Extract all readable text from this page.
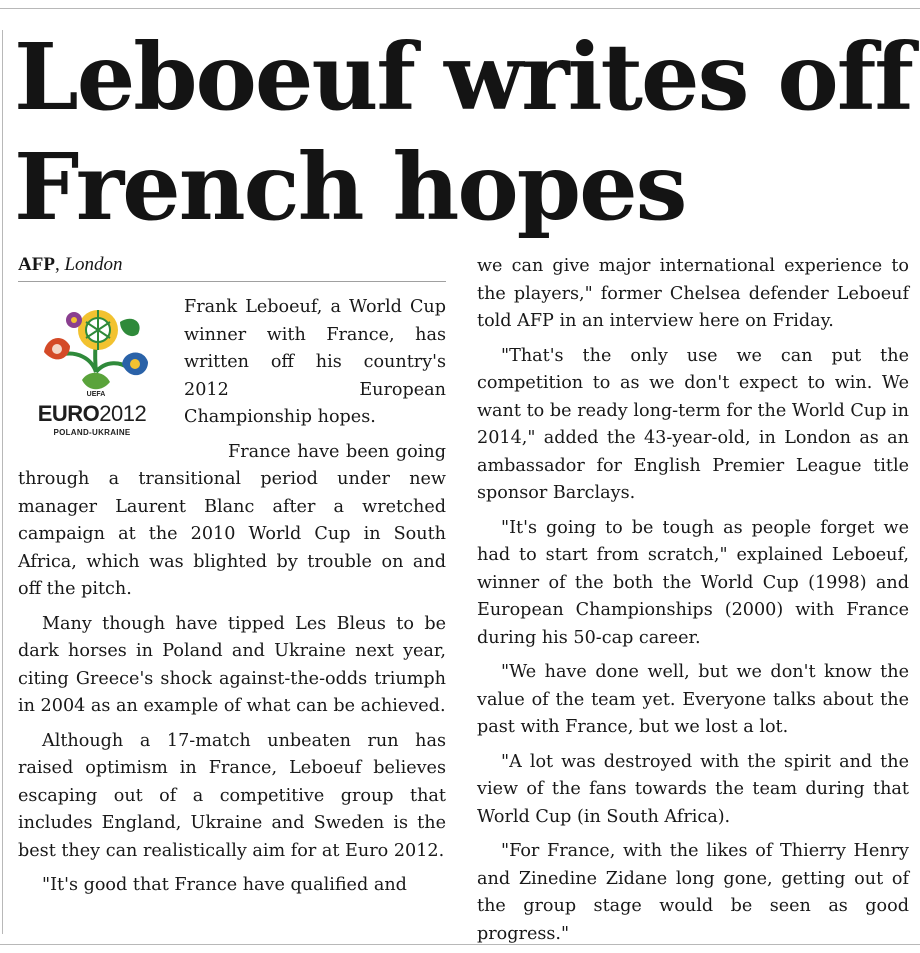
Leboeuf writes off French hopes
AFP, London
UEFA
EURO2012
POLAND-UKRAINE

Frank Leboeuf, a World Cup winner with France, has written off his country's 2012 European Championship hopes.

France have been going through a transitional period under new manager Laurent Blanc after a wretched campaign at the 2010 World Cup in South Africa, which was blighted by trouble on and off the pitch.

Many though have tipped Les Bleus to be dark horses in Poland and Ukraine next year, citing Greece's shock against-the-odds triumph in 2004 as an example of what can be achieved.

Although a 17-match unbeaten run has raised optimism in France, Leboeuf believes escaping out of a competitive group that includes England, Ukraine and Sweden is the best they can realistically aim for at Euro 2012.

"It's good that France have qualified and

we can give major international experience to the players," former Chelsea defender Leboeuf told AFP in an interview here on Friday.

"That's the only use we can put the competition to as we don't expect to win. We want to be ready long-term for the World Cup in 2014," added the 43-year-old, in London as an ambassador for English Premier League title sponsor Barclays.

"It's going to be tough as people forget we had to start from scratch," explained Leboeuf, winner of the both the World Cup (1998) and European Championships (2000) with France during his 50-cap career.

"We have done well, but we don't know the value of the team yet. Everyone talks about the past with France, but we lost a lot.

"A lot was destroyed with the spirit and the view of the fans towards the team during that World Cup (in South Africa).

"For France, with the likes of Thierry Henry and Zinedine Zidane long gone, getting out of the group stage would be seen as good progress."
